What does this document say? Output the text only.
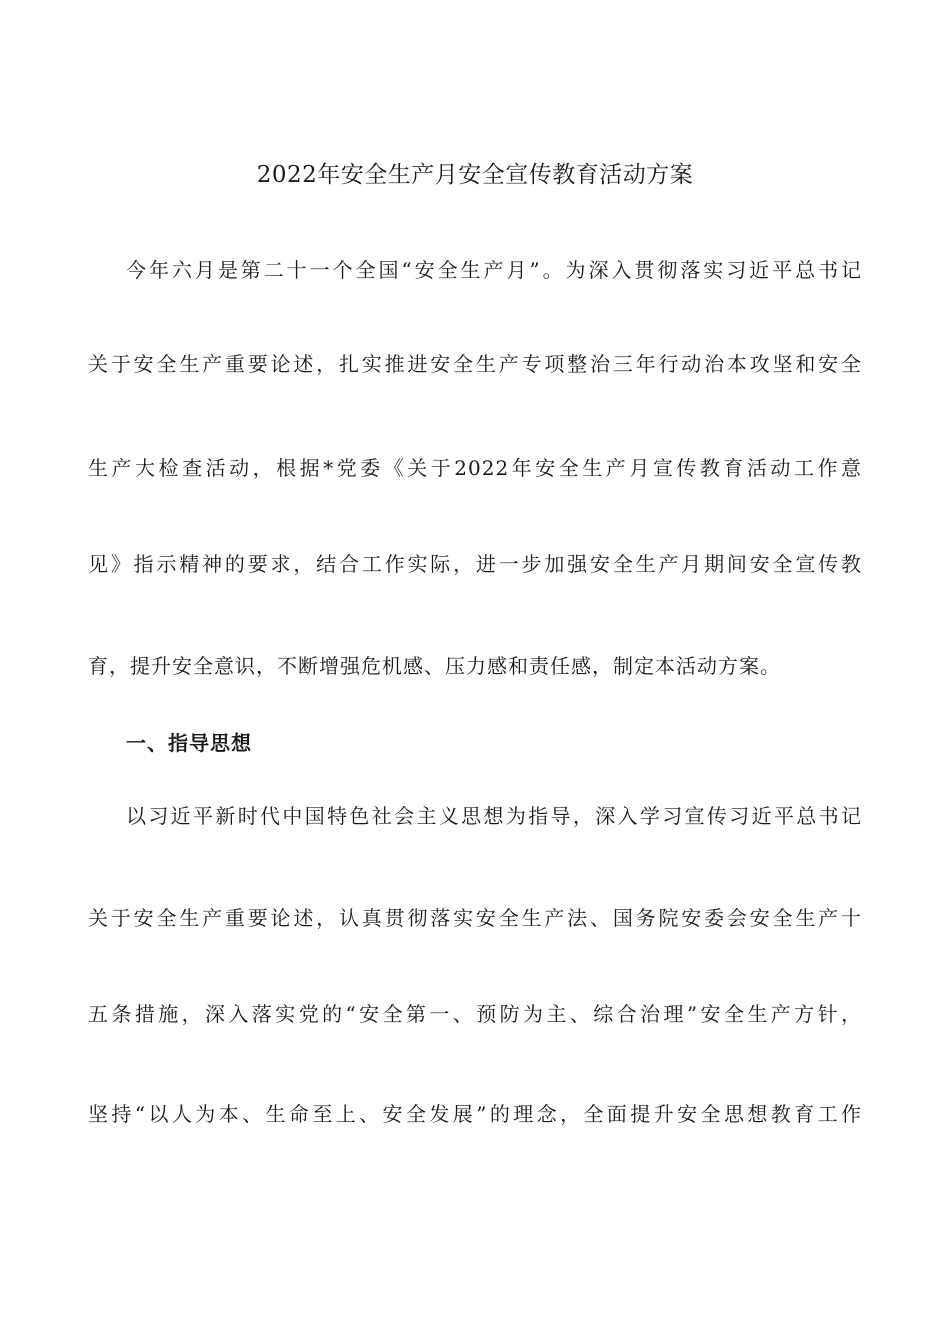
2022年安全生产月安全宣传教育活动方案
今年六月是第二十一个全国“安全生产月”。为深入贯彻落实习近平总书记
关于安全生产重要论述，扎实推进安全生产专项整治三年行动治本攻坚和安全
生产大检查活动，根据*党委《关于2022年安全生产月宣传教育活动工作意
见》指示精神的要求，结合工作实际，进一步加强安全生产月期间安全宣传教
育，提升安全意识，不断增强危机感、压力感和责任感，制定本活动方案。
一、指导思想
以习近平新时代中国特色社会主义思想为指导，深入学习宣传习近平总书记
关于安全生产重要论述，认真贯彻落实安全生产法、国务院安委会安全生产十
五条措施，深入落实党的“安全第一、预防为主、综合治理”安全生产方针，
坚持“以人为本、生命至上、安全发展”的理念，全面提升安全思想教育工作
